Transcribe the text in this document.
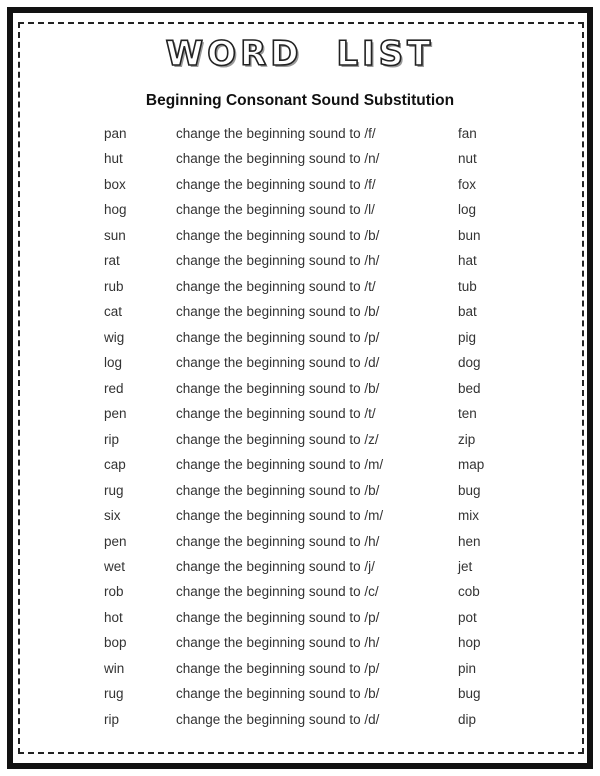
WORD LIST
Beginning Consonant Sound Substitution
pan	change the beginning sound to /f/	fan
hut	change the beginning sound to /n/	nut
box	change the beginning sound to /f/	fox
hog	change the beginning sound to /l/	log
sun	change the beginning sound to /b/	bun
rat	change the beginning sound to /h/	hat
rub	change the beginning sound to /t/	tub
cat	change the beginning sound to /b/	bat
wig	change the beginning sound to /p/	pig
log	change the beginning sound to /d/	dog
red	change the beginning sound to /b/	bed
pen	change the beginning sound to /t/	ten
rip	change the beginning sound to /z/	zip
cap	change the beginning sound to /m/	map
rug	change the beginning sound to /b/	bug
six	change the beginning sound to /m/	mix
pen	change the beginning sound to /h/	hen
wet	change the beginning sound to /j/	jet
rob	change the beginning sound to /c/	cob
hot	change the beginning sound to /p/	pot
bop	change the beginning sound to /h/	hop
win	change the beginning sound to /p/	pin
rug	change the beginning sound to /b/	bug
rip	change the beginning sound to /d/	dip
